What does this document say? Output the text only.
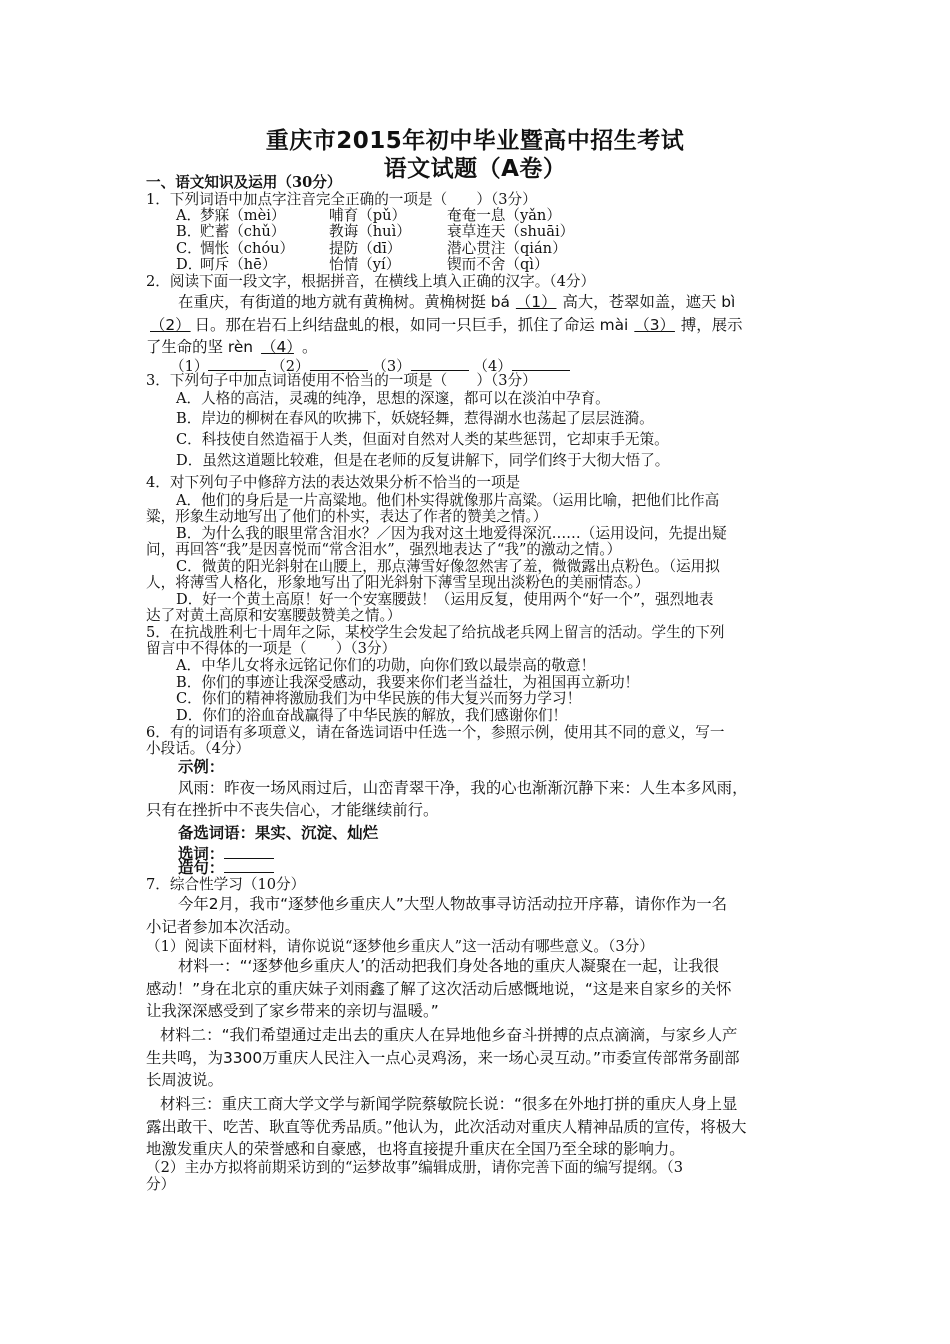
重庆市2015年初中毕业暨高中招生考试
语文试题（A卷）
一、语文知识及运用（30分）
1．下列词语中加点字注音完全正确的一项是（　　）（3分）
A．
梦寐（mèi）	哺育（pǔ）	奄奄一息（yǎn）
B．
贮蓄（chǔ）	教诲（huì） 衰草连天（shuāi）
C．
惆怅（chóu） 提防（dī）	潜心贯注（qián）
D．
呵斥（hē）	怡情（yí）	锲而不舍（qì）
2．阅读下面一段文字，根据拼音，在横线上填入正确的汉字。（4分）
在重庆，有街道的地方就有黄桷树。黄桷树挺 bá （1） 高大，苍翠如盖，遮天 bì
（2） 日。那在岩石上纠结盘虬的根，如同一只巨手，抓住了命运 mài （3） 搏，展示
了生命的坚 rèn （4） 。
（1）	（2）	（3）	（4）
3．下列句子中加点词语使用不恰当的一项是（　　）（3分）
A．人格的高洁，灵魂的纯净，思想的深邃，都可以在淡泊中孕育。
B．岸边的柳树在春风的吹拂下，妖娆轻舞，惹得湖水也荡起了层层涟漪。
C．科技使自然造福于人类，但面对自然对人类的某些惩罚，它却束手无策。
D．虽然这道题比较难，但是在老师的反复讲解下，同学们终于大彻大悟了。
4．对下列句子中修辞方法的表达效果分析不恰当的一项是
A．他们的身后是一片高粱地。他们朴实得就像那片高粱。（运用比喻，把他们比作高
粱，形象生动地写出了他们的朴实，表达了作者的赞美之情。）
B．为什么我的眼里常含泪水？／因为我对这土地爱得深沉……（运用设问，先提出疑
问，再回答“我”是因喜悦而“常含泪水”，强烈地表达了“我”的激动之情。）
C．微黄的阳光斜射在山腰上，那点薄雪好像忽然害了羞，微微露出点粉色。（运用拟
人，将薄雪人格化，形象地写出了阳光斜射下薄雪呈现出淡粉色的美丽情态。）
D．好一个黄土高原！好一个安塞腰鼓！（运用反复，使用两个“好一个”，强烈地表
达了对黄土高原和安塞腰鼓赞美之情。）
5．在抗战胜利七十周年之际，某校学生会发起了给抗战老兵网上留言的活动。学生的下列
留言中不得体的一项是（　　）（3分）
A．中华儿女将永远铭记你们的功勋，向你们致以最崇高的敬意！
B．你们的事迹让我深受感动，我要来你们老当益壮，为祖国再立新功！
C．你们的精神将激励我们为中华民族的伟大复兴而努力学习！
D．你们的浴血奋战赢得了中华民族的解放，我们感谢你们！
6．有的词语有多项意义，请在备选词语中任选一个，参照示例，使用其不同的意义，写一
小段话。（4分）
示例：
风雨：昨夜一场风雨过后，山峦青翠干净，我的心也渐渐沉静下来：人生本多风雨，
只有在挫折中不丧失信心，才能继续前行。
备选词语：果实、沉淀、灿烂
选词：
造句：
7．综合性学习（10分）
今年2月，我市“逐梦他乡重庆人”大型人物故事寻访活动拉开序幕，请你作为一名
小记者参加本次活动。
（1）阅读下面材料，请你说说“逐梦他乡重庆人”这一活动有哪些意义。（3分）
材料一：“‘逐梦他乡重庆人’的活动把我们身处各地的重庆人凝聚在一起，让我很
感动！”身在北京的重庆妹子刘雨鑫了解了这次活动后感慨地说，“这是来自家乡的关怀
让我深深感受到了家乡带来的亲切与温暖。”
材料二：“我们希望通过走出去的重庆人在异地他乡奋斗拼搏的点点滴滴，与家乡人产
生共鸣，为3300万重庆人民注入一点心灵鸡汤，来一场心灵互动。”市委宣传部常务副部
长周波说。
材料三：重庆工商大学文学与新闻学院蔡敏院长说：“很多在外地打拼的重庆人身上显
露出敢干、吃苦、耿直等优秀品质。”他认为，此次活动对重庆人精神品质的宣传，将极大
地激发重庆人的荣誉感和自豪感，也将直接提升重庆在全国乃至全球的影响力。
（2）主办方拟将前期采访到的“运梦故事”编辑成册，请你完善下面的编写提纲。（3
分）
